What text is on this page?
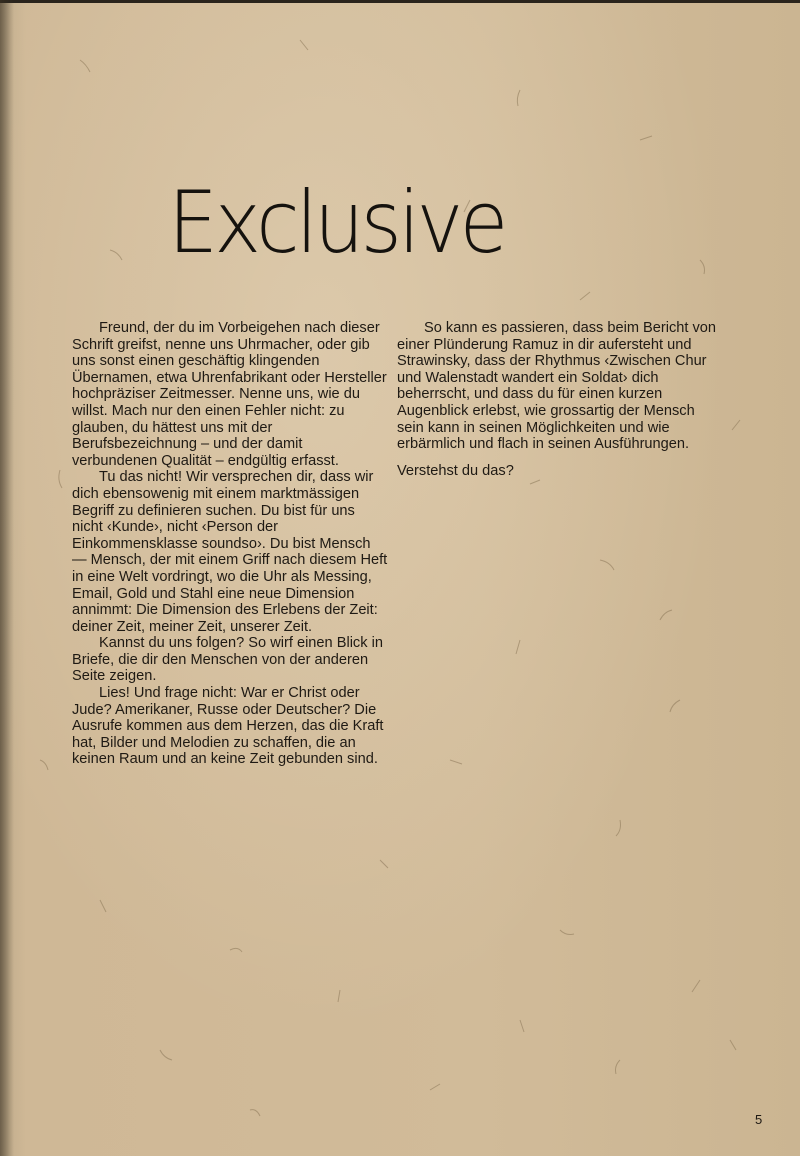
Exclusive

Freund, der du im Vorbeigehen nach dieser Schrift greifst, nenne uns Uhrmacher, oder gib uns sonst einen geschäftig klingenden Übernamen, etwa Uhrenfabrikant oder Hersteller hochpräziser Zeitmesser. Nenne uns, wie du willst. Mach nur den einen Fehler nicht: zu glauben, du hättest uns mit der Berufsbezeichnung – und der damit verbundenen Qualität – endgültig erfasst.

Tu das nicht! Wir versprechen dir, dass wir dich ebensowenig mit einem marktmässigen Begriff zu definieren suchen. Du bist für uns nicht ‹Kunde›, nicht ‹Person der Einkommensklasse soundso›. Du bist Mensch — Mensch, der mit einem Griff nach diesem Heft in eine Welt vordringt, wo die Uhr als Messing, Email, Gold und Stahl eine neue Dimension annimmt: Die Dimension des Erlebens der Zeit: deiner Zeit, meiner Zeit, unserer Zeit.

Kannst du uns folgen? So wirf einen Blick in Briefe, die dir den Menschen von der anderen Seite zeigen.

Lies! Und frage nicht: War er Christ oder Jude? Amerikaner, Russe oder Deutscher? Die Ausrufe kommen aus dem Herzen, das die Kraft hat, Bilder und Melodien zu schaffen, die an keinen Raum und an keine Zeit gebunden sind.

So kann es passieren, dass beim Bericht von einer Plünderung Ramuz in dir aufersteht und Strawinsky, dass der Rhythmus ‹Zwischen Chur und Walenstadt wandert ein Soldat› dich beherrscht, und dass du für einen kurzen Augenblick erlebst, wie grossartig der Mensch sein kann in seinen Möglichkeiten und wie erbärmlich und flach in seinen Ausführungen.

Verstehst du das?

5
